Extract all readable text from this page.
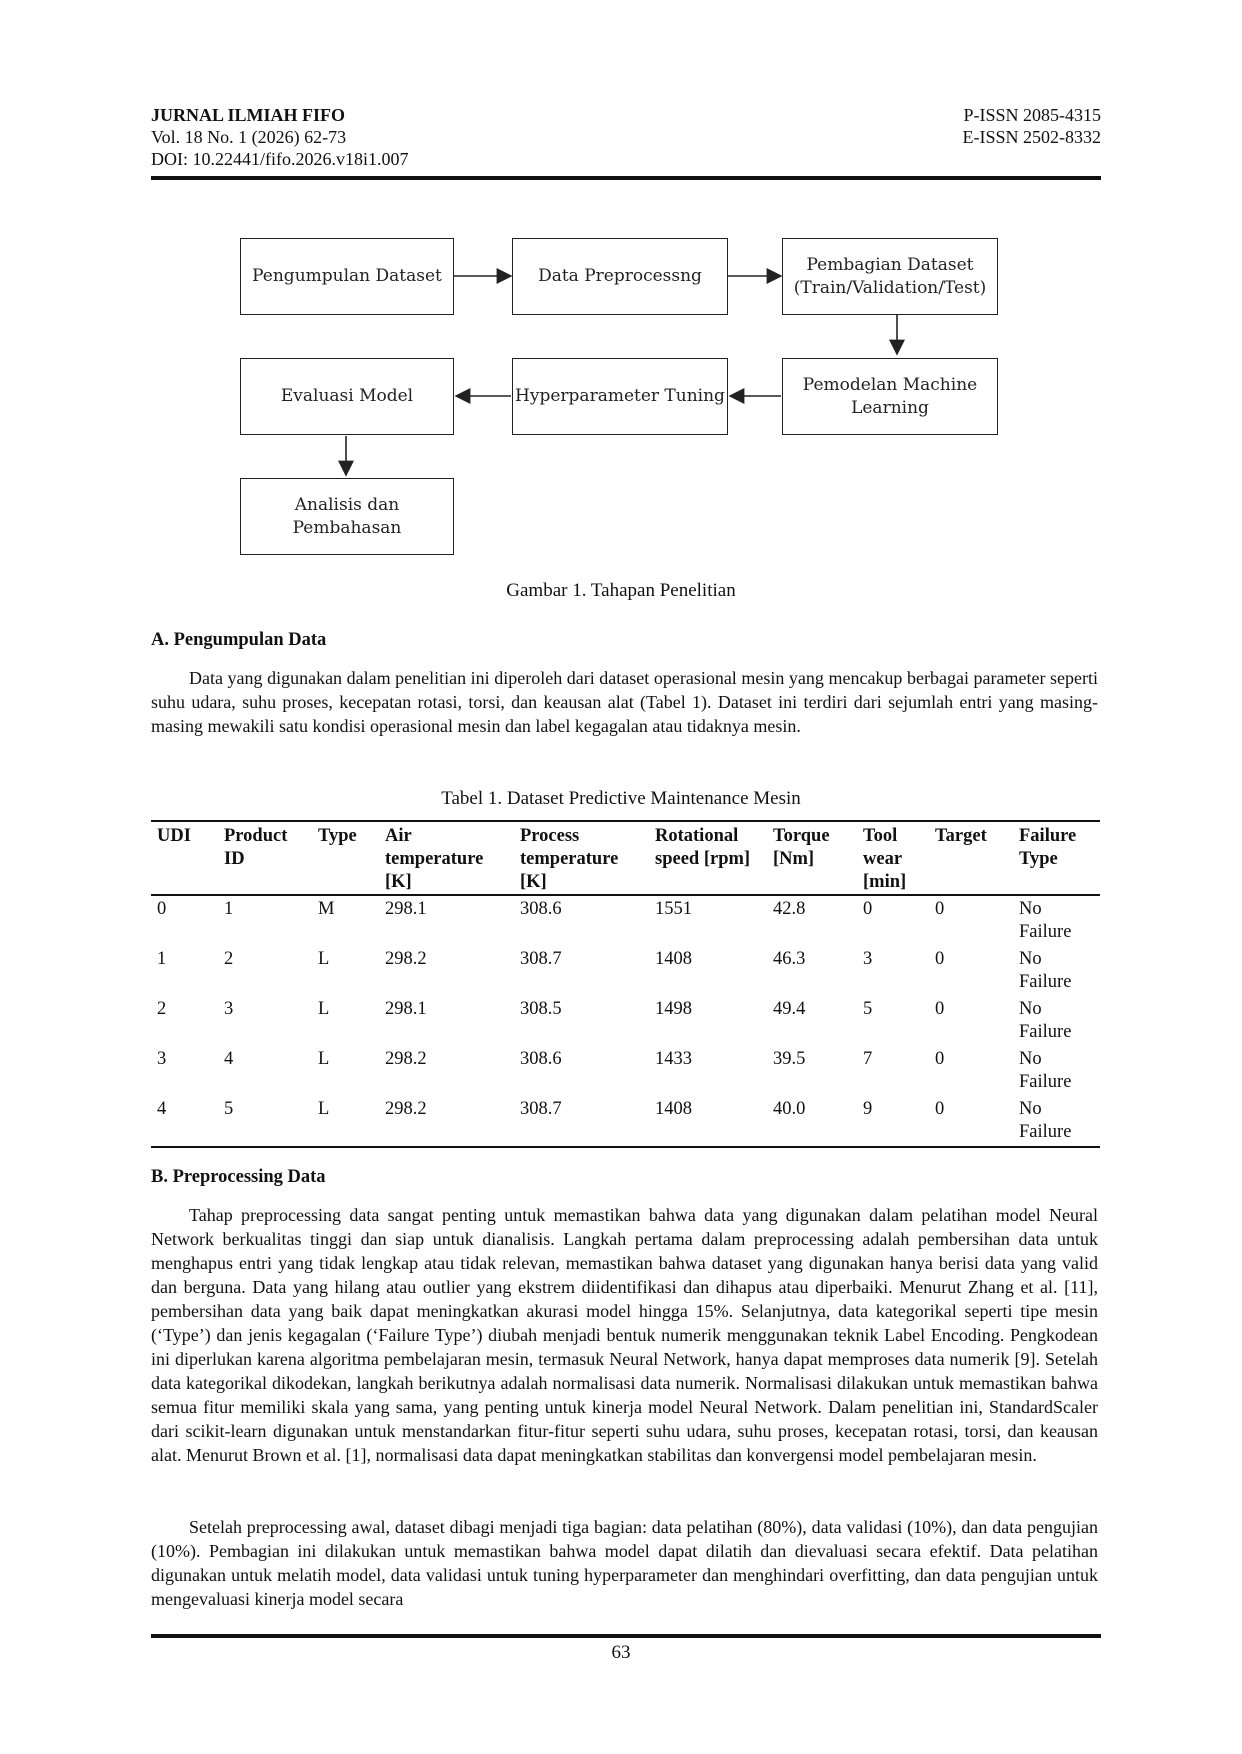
JURNAL ILMIAH FIFO
Vol. 18 No. 1 (2026) 62-73
DOI: 10.22441/fifo.2026.v18i1.007
P-ISSN 2085-4315
E-ISSN 2502-8332
Pengumpulan Dataset	Data Preprocessng
Pembagian Dataset (Train/Validation/Test)
Pemodelan Machine Learning
Hyperparameter Tuning
Evaluasi Model
Analisis dan Pembahasan
Gambar 1. Tahapan Penelitian
A. Pengumpulan Data

Data yang digunakan dalam penelitian ini diperoleh dari dataset operasional mesin yang mencakup berbagai parameter seperti suhu udara, suhu proses, kecepatan rotasi, torsi, dan keausan alat (Tabel 1). Dataset ini terdiri dari sejumlah entri yang masing-masing mewakili satu kondisi operasional mesin dan label kegagalan atau tidaknya mesin.

Tabel 1. Dataset Predictive Maintenance Mesin
UDI	Product ID	Type	Air temperature [K]	Process temperature [K]	Rotational speed [rpm]	Torque [Nm]	Tool wear [min]	Target	Failure Type
0	1	M	298.1	308.6	1551	42.8	0	0	No Failure
1	2	L	298.2	308.7	1408	46.3	3	0	No Failure
2	3	L	298.1	308.5	1498	49.4	5	0	No Failure
3	4	L	298.2	308.6	1433	39.5	7	0	No Failure
4	5	L	298.2	308.7	1408	40.0	9	0	No Failure
B. Preprocessing Data

Tahap preprocessing data sangat penting untuk memastikan bahwa data yang digunakan dalam pelatihan model Neural Network berkualitas tinggi dan siap untuk dianalisis. Langkah pertama dalam preprocessing adalah pembersihan data untuk menghapus entri yang tidak lengkap atau tidak relevan, memastikan bahwa dataset yang digunakan hanya berisi data yang valid dan berguna. Data yang hilang atau outlier yang ekstrem diidentifikasi dan dihapus atau diperbaiki. Menurut Zhang et al. [11], pembersihan data yang baik dapat meningkatkan akurasi model hingga 15%. Selanjutnya, data kategorikal seperti tipe mesin (‘Type’) dan jenis kegagalan (‘Failure Type’) diubah menjadi bentuk numerik menggunakan teknik Label Encoding. Pengkodean ini diperlukan karena algoritma pembelajaran mesin, termasuk Neural Network, hanya dapat memproses data numerik [9]. Setelah data kategorikal dikodekan, langkah berikutnya adalah normalisasi data numerik. Normalisasi dilakukan untuk memastikan bahwa semua fitur memiliki skala yang sama, yang penting untuk kinerja model Neural Network. Dalam penelitian ini, StandardScaler dari scikit-learn digunakan untuk menstandarkan fitur-fitur seperti suhu udara, suhu proses, kecepatan rotasi, torsi, dan keausan alat. Menurut Brown et al. [1], normalisasi data dapat meningkatkan stabilitas dan konvergensi model pembelajaran mesin.

Setelah preprocessing awal, dataset dibagi menjadi tiga bagian: data pelatihan (80%), data validasi (10%), dan data pengujian (10%). Pembagian ini dilakukan untuk memastikan bahwa model dapat dilatih dan dievaluasi secara efektif. Data pelatihan digunakan untuk melatih model, data validasi untuk tuning hyperparameter dan menghindari overfitting, dan data pengujian untuk mengevaluasi kinerja model secara

63
